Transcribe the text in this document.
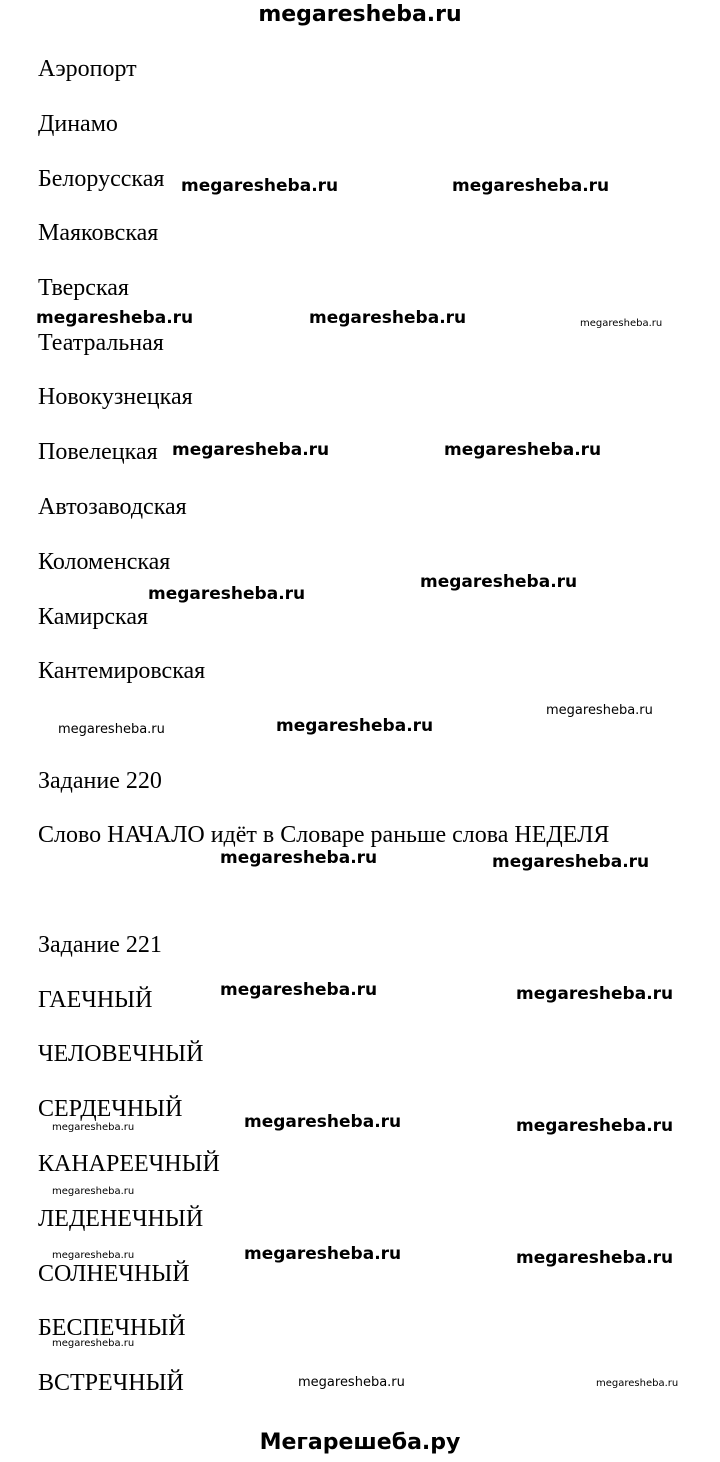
megaresheba.ru
Аэропорт
Динамо
Белорусская
Маяковская
Тверская
Театральная
Новокузнецкая
Повелецкая
Автозаводская
Коломенская
Камирская
Кантемировская
Задание 220
Слово НАЧАЛО идёт в Словаре раньше слова НЕДЕЛЯ
Задание 221
ГАЕЧНЫЙ
ЧЕЛОВЕЧНЫЙ
СЕРДЕЧНЫЙ
КАНАРЕЕЧНЫЙ
ЛЕДЕНЕЧНЫЙ
СОЛНЕЧНЫЙ
БЕСПЕЧНЫЙ
ВСТРЕЧНЫЙ
megaresheba.ru	megaresheba.ru
megaresheba.ru	megaresheba.ru
megaresheba.ru	megaresheba.ru
megaresheba.ru
megaresheba.ru
megaresheba.ru
megaresheba.ru	megaresheba.ru
megaresheba.ru	megaresheba.ru
megaresheba.ru	megaresheba.ru
megaresheba.ru	megaresheba.ru
megaresheba.ru
megaresheba.ru
megaresheba.ru
megaresheba.ru
megaresheba.ru
megaresheba.ru
megaresheba.ru
megaresheba.ru
megaresheba.ru
Мегарешеба.ру
